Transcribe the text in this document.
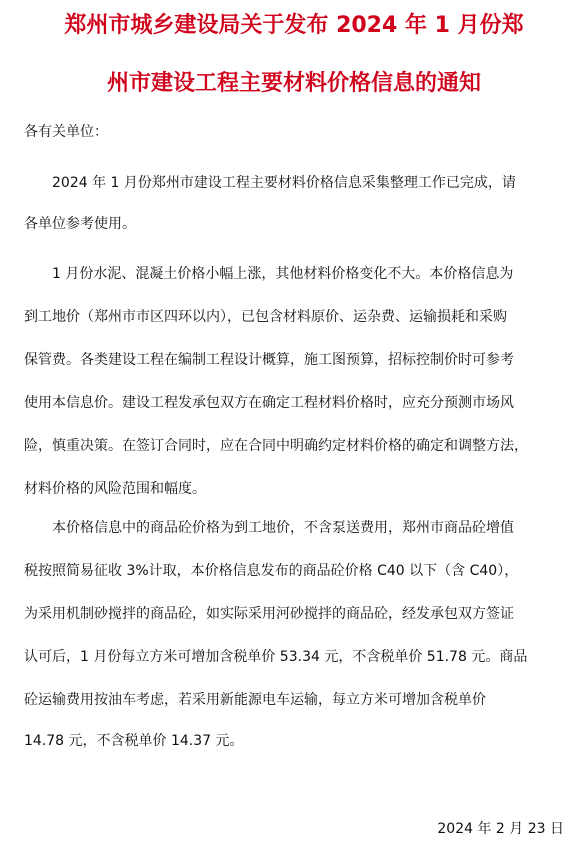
郑州市城乡建设局关于发布 2024 年 1 月份郑
州市建设工程主要材料价格信息的通知
各有关单位：
　　2024 年 1 月份郑州市建设工程主要材料价格信息采集整理工作已完成，请
各单位参考使用。
　　1 月份水泥、混凝土价格小幅上涨，其他材料价格变化不大。本价格信息为
到工地价（郑州市市区四环以内），已包含材料原价、运杂费、运输损耗和采购
保管费。各类建设工程在编制工程设计概算，施工图预算，招标控制价时可参考
使用本信息价。建设工程发承包双方在确定工程材料价格时，应充分预测市场风
险，慎重决策。在签订合同时，应在合同中明确约定材料价格的确定和调整方法，
材料价格的风险范围和幅度。
　　本价格信息中的商品砼价格为到工地价，不含泵送费用，郑州市商品砼增值
税按照简易征收 3%计取，本价格信息发布的商品砼价格 C40 以下（含 C40），
为采用机制砂搅拌的商品砼，如实际采用河砂搅拌的商品砼，经发承包双方签证
认可后，1 月份每立方米可增加含税单价 53.34 元，不含税单价 51.78 元。商品
砼运输费用按油车考虑，若采用新能源电车运输，每立方米可增加含税单价
14.78 元，不含税单价 14.37 元。
2024 年 2 月 23 日
